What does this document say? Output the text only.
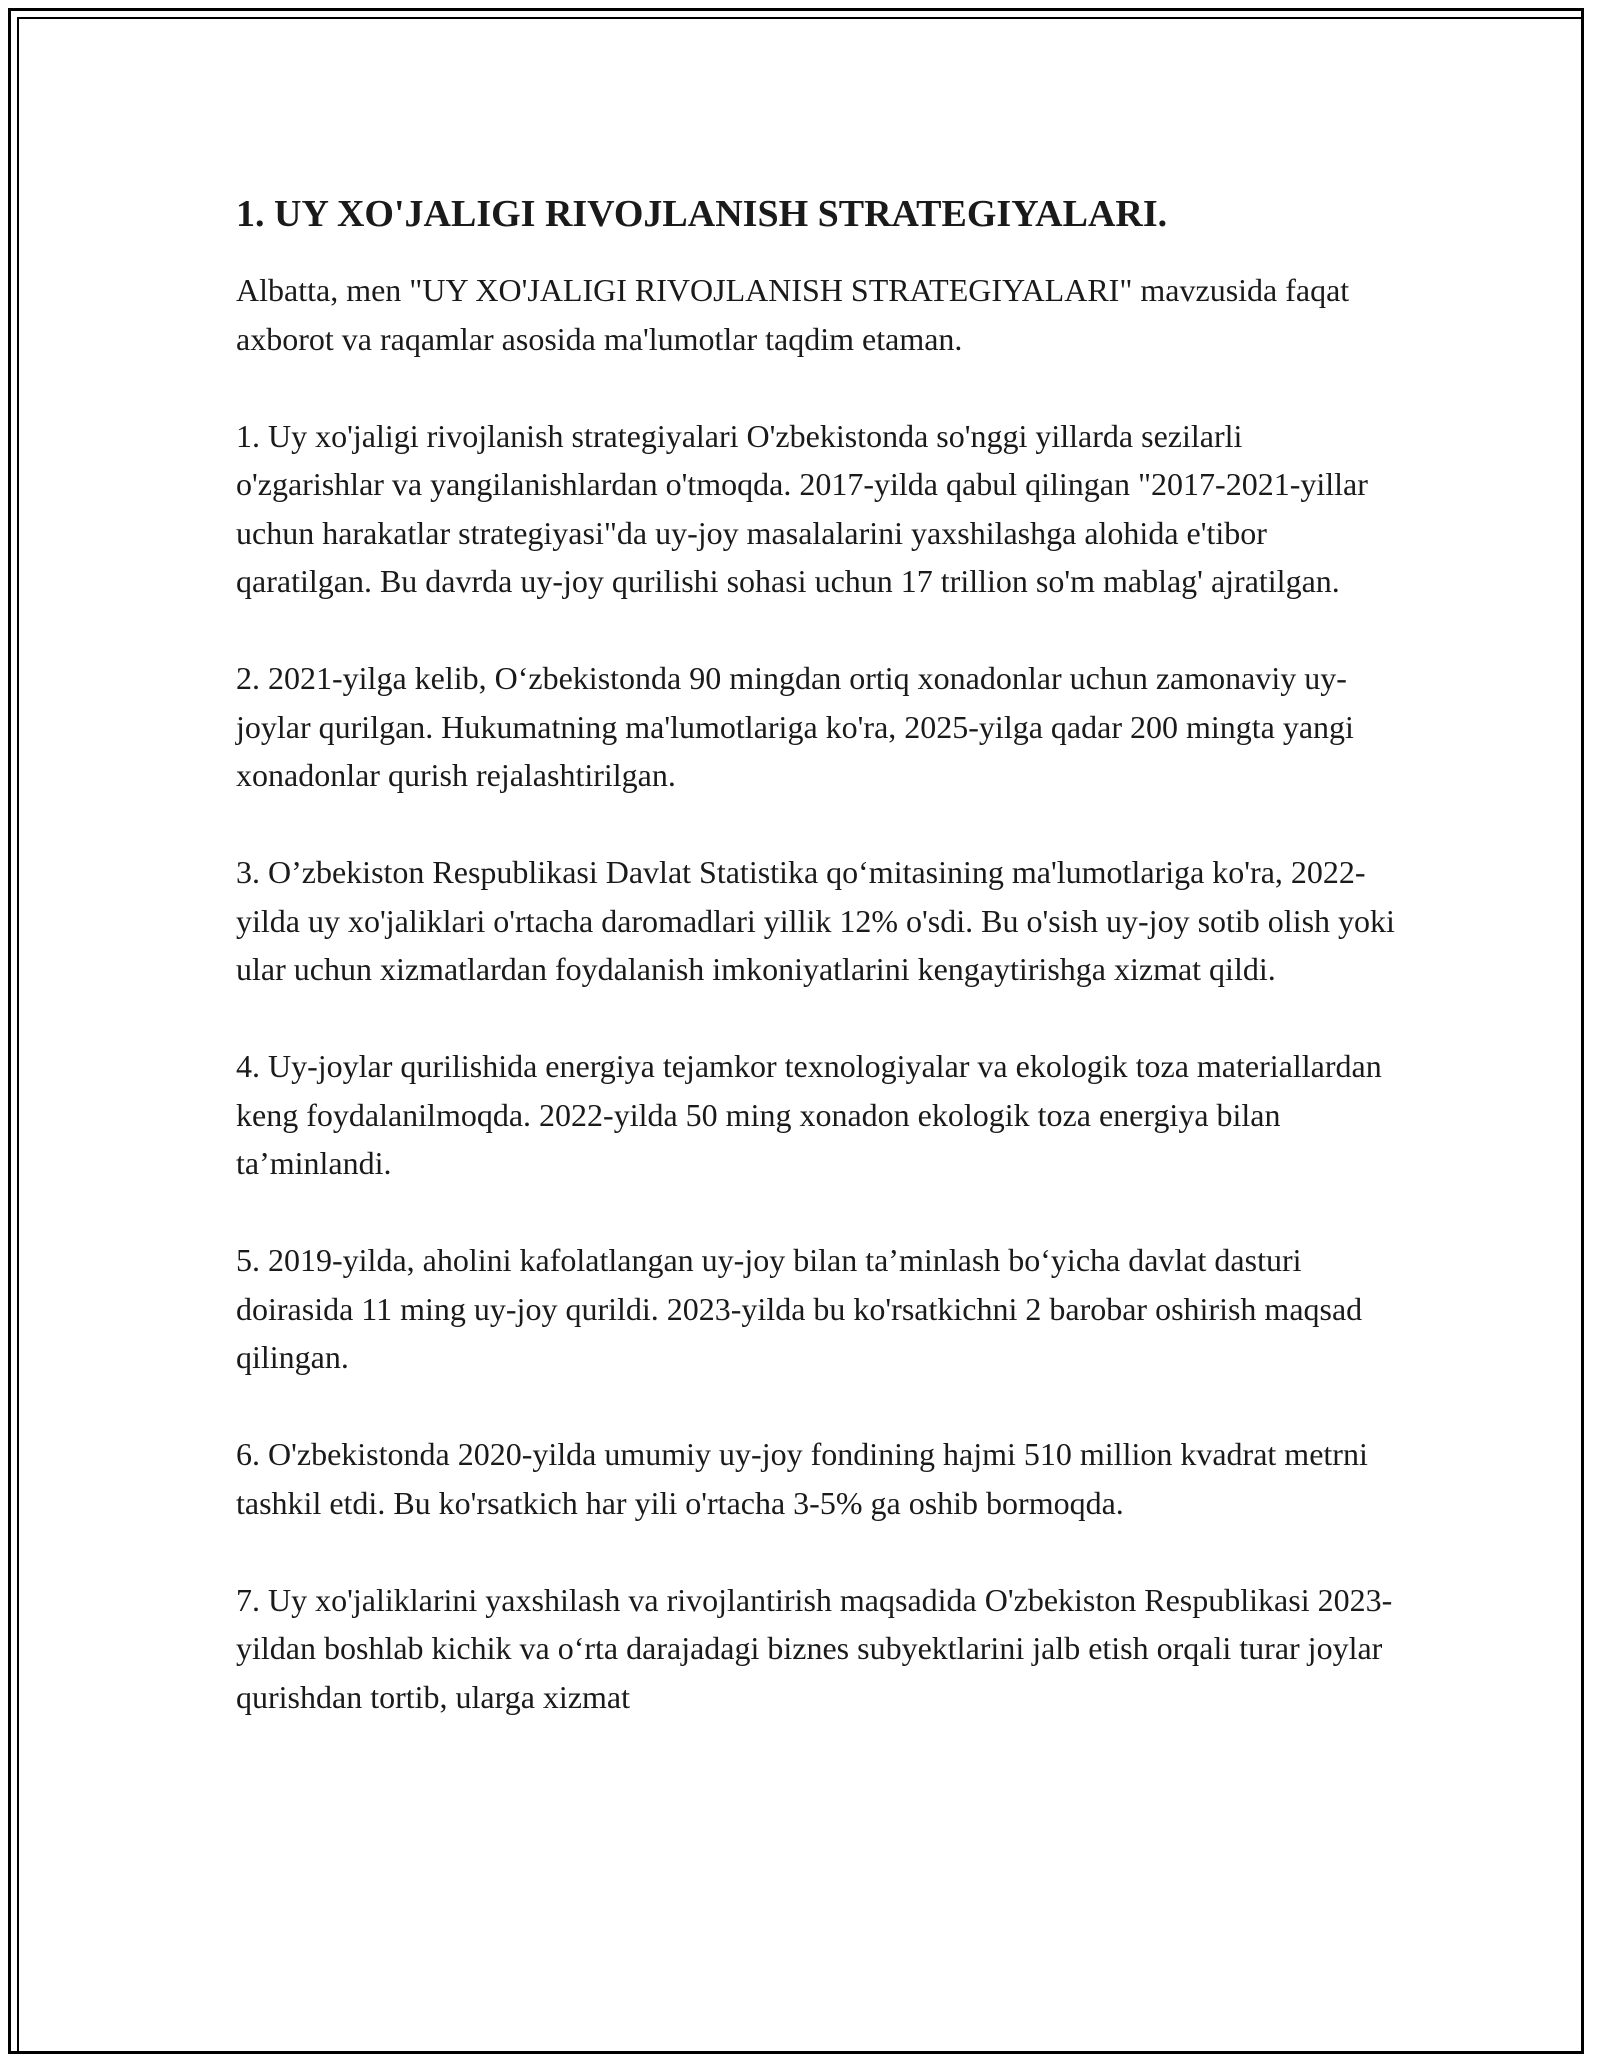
1. UY XO'JALIGI RIVOJLANISH STRATEGIYALARI.

Albatta, men "UY XO'JALIGI RIVOJLANISH STRATEGIYALARI" mavzusida faqat axborot va raqamlar asosida ma'lumotlar taqdim etaman.

1. Uy xo'jaligi rivojlanish strategiyalari O'zbekistonda so'nggi yillarda sezilarli o'zgarishlar va yangilanishlardan o'tmoqda. 2017-yilda qabul qilingan "2017-2021-yillar uchun harakatlar strategiyasi"da uy-joy masalalarini yaxshilashga alohida e'tibor qaratilgan. Bu davrda uy-joy qurilishi sohasi uchun 17 trillion so'm mablag' ajratilgan.

2. 2021-yilga kelib, O‘zbekistonda 90 mingdan ortiq xonadonlar uchun zamonaviy uy-joylar qurilgan. Hukumatning ma'lumotlariga ko'ra, 2025-yilga qadar 200 mingta yangi xonadonlar qurish rejalashtirilgan.

3. O’zbekiston Respublikasi Davlat Statistika qo‘mitasining ma'lumotlariga ko'ra, 2022-yilda uy xo'jaliklari o'rtacha daromadlari yillik 12% o'sdi. Bu o'sish uy-joy sotib olish yoki ular uchun xizmatlardan foydalanish imkoniyatlarini kengaytirishga xizmat qildi.

4. Uy-joylar qurilishida energiya tejamkor texnologiyalar va ekologik toza materiallardan keng foydalanilmoqda. 2022-yilda 50 ming xonadon ekologik toza energiya bilan ta’minlandi.

5. 2019-yilda, aholini kafolatlangan uy-joy bilan ta’minlash bo‘yicha davlat dasturi doirasida 11 ming uy-joy qurildi. 2023-yilda bu ko'rsatkichni 2 barobar oshirish maqsad qilingan.

6. O'zbekistonda 2020-yilda umumiy uy-joy fondining hajmi 510 million kvadrat metrni tashkil etdi. Bu ko'rsatkich har yili o'rtacha 3-5% ga oshib bormoqda.

7. Uy xo'jaliklarini yaxshilash va rivojlantirish maqsadida O'zbekiston Respublikasi 2023-yildan boshlab kichik va o‘rta darajadagi biznes subyektlarini jalb etish orqali turar joylar qurishdan tortib, ularga xizmat
